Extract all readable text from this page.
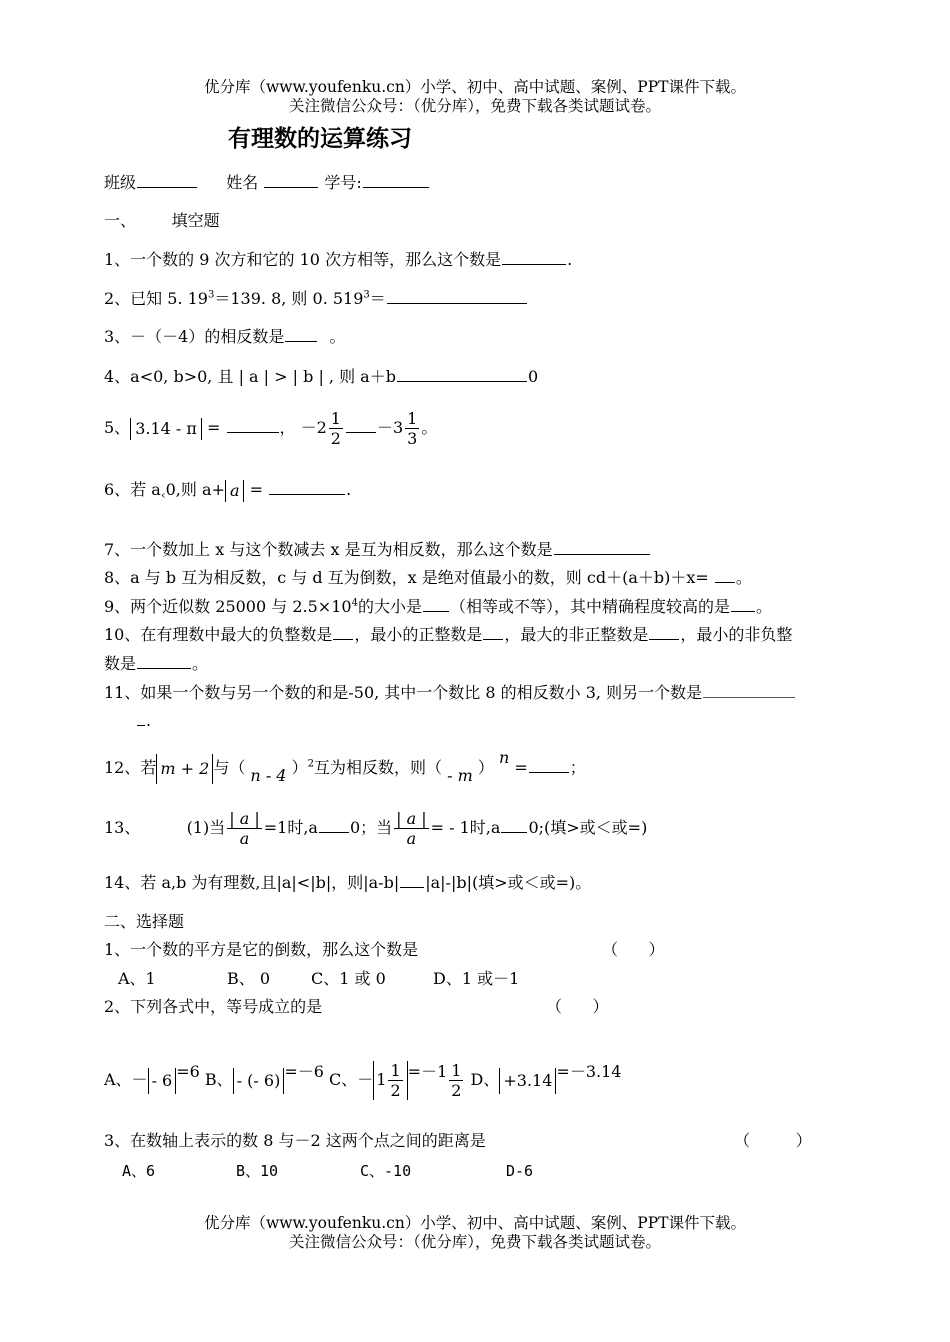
优分库（www.youfenku.cn）小学、初中、高中试题、案例、PPT课件下载。
关注微信公众号：（优分库），免费下载各类试题试卷。
有理数的运算练习
班级	姓名	学号:
一、       填空题
1、一个数的 9 次方和它的 10 次方相等，那么这个数是	.
2、已知 5. $19^3=139$. 8, 则 0. $519^3=$
3、－（－4）的相反数是	。
4、a<0, b>0, 且 | a | > | b | , 则 a＋b	0
5、 3.14 - π =	， $-2 \frac{1}{2} -3 \frac{1}{3}$ 。
6、若 $a_‹0$,则 a+ a =	.
7、一个数加上 x 与这个数减去 x 是互为相反数，那么这个数是
8、a 与 b 互为相反数，c 与 d 互为倒数，x 是绝对值最小的数，则 cd＋(a＋b)＋x= 。
9、两个近似数 25000 与 $2.5\times 10^4$的大小是 （相等或不等），其中精确程度较高的是 。
10、在有理数中最大的负整数是 ，最小的正整数是 ，最大的非正整数是 ，最小的非负整
数是	。
11、如果一个数与另一个数的和是-50, 其中一个数比 8 的相反数小 3, 则另一个数是
.
12、若 m + 2 与（ n - 4 ）$^2$互为相反数，则（ - m ） n =	；
13、	(1)当 $\frac{| a |}{a} =1$时,a 0；当 $\frac{| a |}{a}$ = - 1时,a 0;(填>或＜或=)
14、若 a,b 为有理数,且|a|<|b|，则|a-b| |a|-|b|(填>或＜或=)。
二、选择题
1、一个数的平方是它的倒数，那么这个数是	（      ）
A、1	B、 0	C、1 或 0	D、1 或－1
2、下列各式中，等号成立的是	（      ）
A、－ - 6 =6 B、 - (- 6) =－6 C、－ $1 \frac{1}{2} =-1 \frac{1}{2}$ D、 +3.14 =－3.14
3、在数轴上表示的数 8 与－2 这两个点之间的距离是	（         ）
A、6	B、10	C、-10	D-6
优分库（www.youfenku.cn）小学、初中、高中试题、案例、PPT课件下载。
关注微信公众号：（优分库），免费下载各类试题试卷。
